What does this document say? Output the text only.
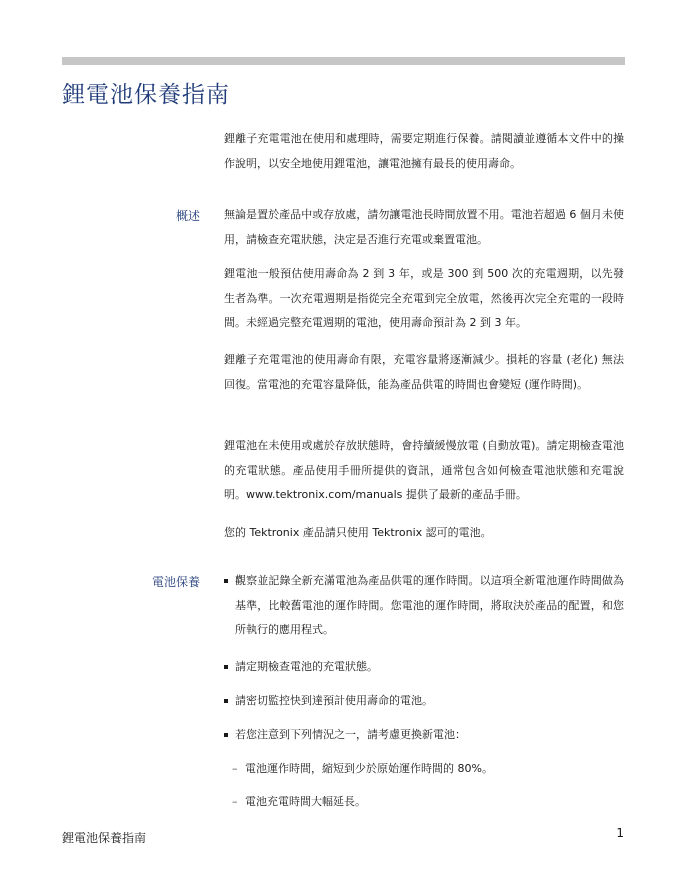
鋰電池保養指南

鋰離子充電電池在使用和處理時，需要定期進行保養。請閱讀並遵循本文件中的操作說明，以安全地使用鋰電池，讓電池擁有最長的使用壽命。

概述 無論是置於產品中或存放處，請勿讓電池長時間放置不用。電池若超過 6 個月未使用，請檢查充電狀態，決定是否進行充電或棄置電池。

鋰電池一般預估使用壽命為 2 到 3 年，或是 300 到 500 次的充電週期，以先發生者為準。一次充電週期是指從完全充電到完全放電，然後再次完全充電的一段時間。未經過完整充電週期的電池，使用壽命預計為 2 到 3 年。

鋰離子充電電池的使用壽命有限，充電容量將逐漸減少。損耗的容量 (老化) 無法回復。當電池的充電容量降低，能為產品供電的時間也會變短 (運作時間)。

鋰電池在未使用或處於存放狀態時，會持續緩慢放電 (自動放電)。請定期檢查電池的充電狀態。產品使用手冊所提供的資訊，通常包含如何檢查電池狀態和充電說明。www.tektronix.com/manuals 提供了最新的產品手冊。

您的 Tektronix 產品請只使用 Tektronix 認可的電池。

電池保養	觀察並記錄全新充滿電池為產品供電的運作時間。以這項全新電池運作時間做為基準，比較舊電池的運作時間。您電池的運作時間，將取決於產品的配置，和您所執行的應用程式。
請定期檢查電池的充電狀態。
請密切監控快到達預計使用壽命的電池。
若您注意到下列情況之一，請考慮更換新電池：
– 電池運作時間，縮短到少於原始運作時間的 80%。
– 電池充電時間大幅延長。
鋰電池保養指南	1
